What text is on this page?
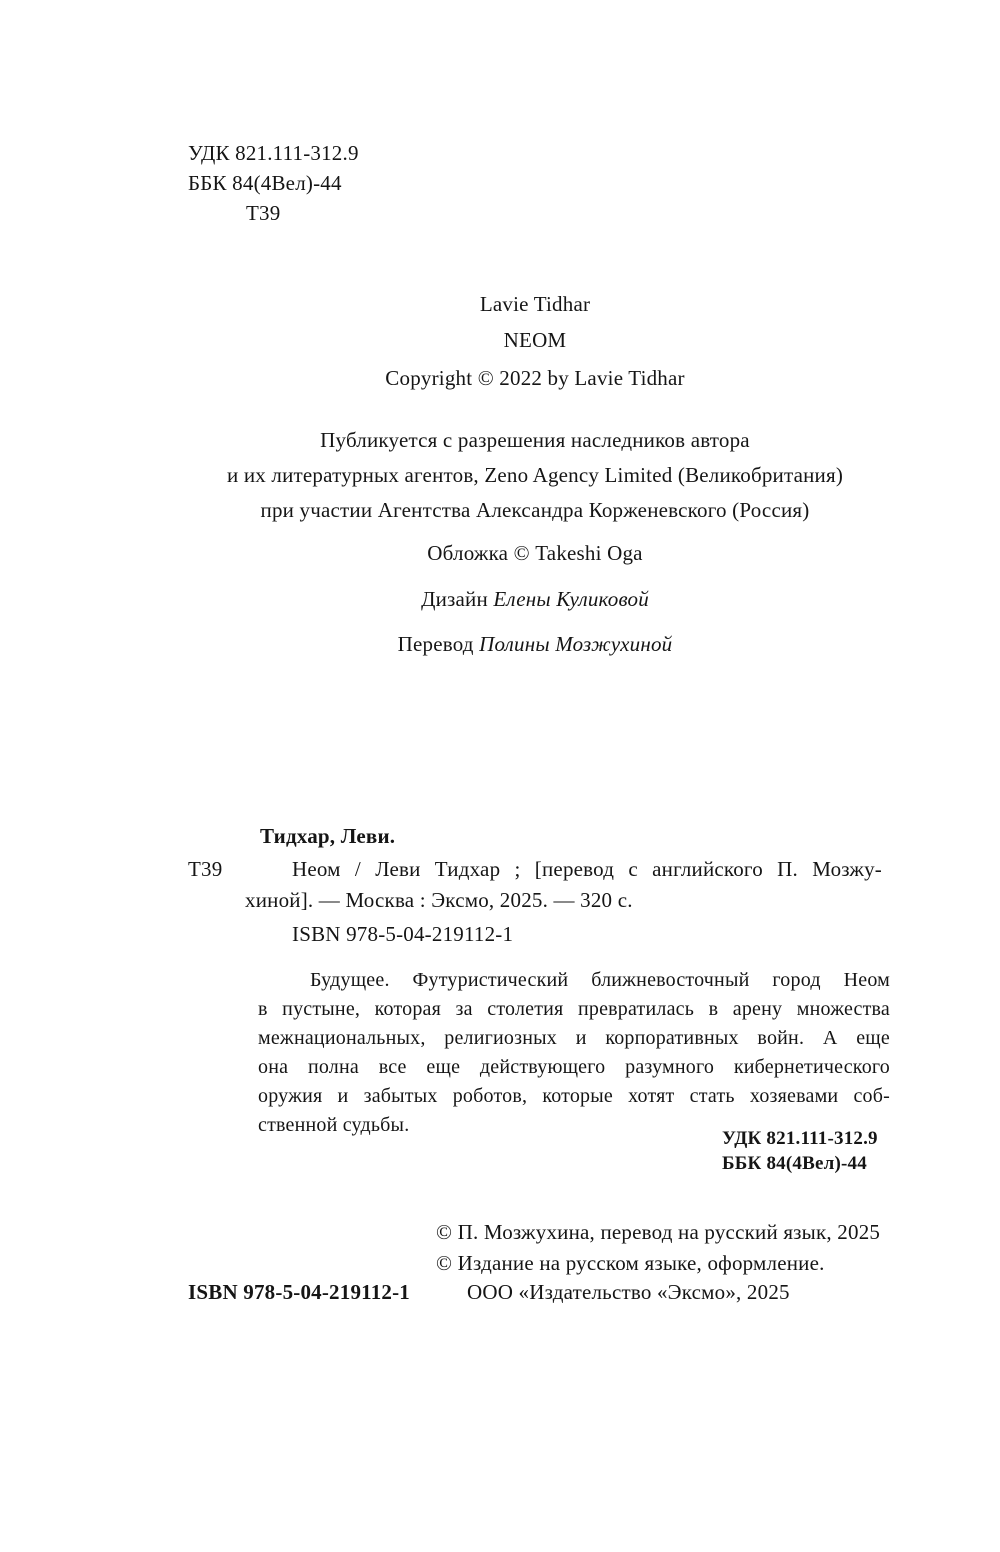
УДК 821.111-312.9
ББК 84(4Вел)-44
Т39
Lavie Tidhar
NEOM
Copyright © 2022 by Lavie Tidhar
Публикуется с разрешения наследников автора
и их литературных агентов, Zeno Agency Limited (Великобритания)
при участии Агентства Александра Корженевского (Россия)
Обложка © Takeshi Oga
Дизайн Елены Куликовой
Перевод Полины Мозжухиной
Тидхар, Леви.
Т39	Неом / Леви Тидхар ; [перевод с английского П. Мозжу-
хиной]. — Москва : Эксмо, 2025. — 320 с.
ISBN 978-5-04-219112-1
Будущее. Футуристический ближневосточный город Неом
в пустыне, которая за столетия превратилась в арену множества
межнациональных, религиозных и корпоративных войн. А еще
она полна все еще действующего разумного кибернетического
оружия и забытых роботов, которые хотят стать хозяевами соб-
ственной судьбы.
УДК 821.111-312.9
ББК 84(4Вел)-44
© П. Мозжухина, перевод на русский язык, 2025
© Издание на русском языке, оформление.
ISBN 978-5-04-219112-1	ООО «Издательство «Эксмо», 2025
